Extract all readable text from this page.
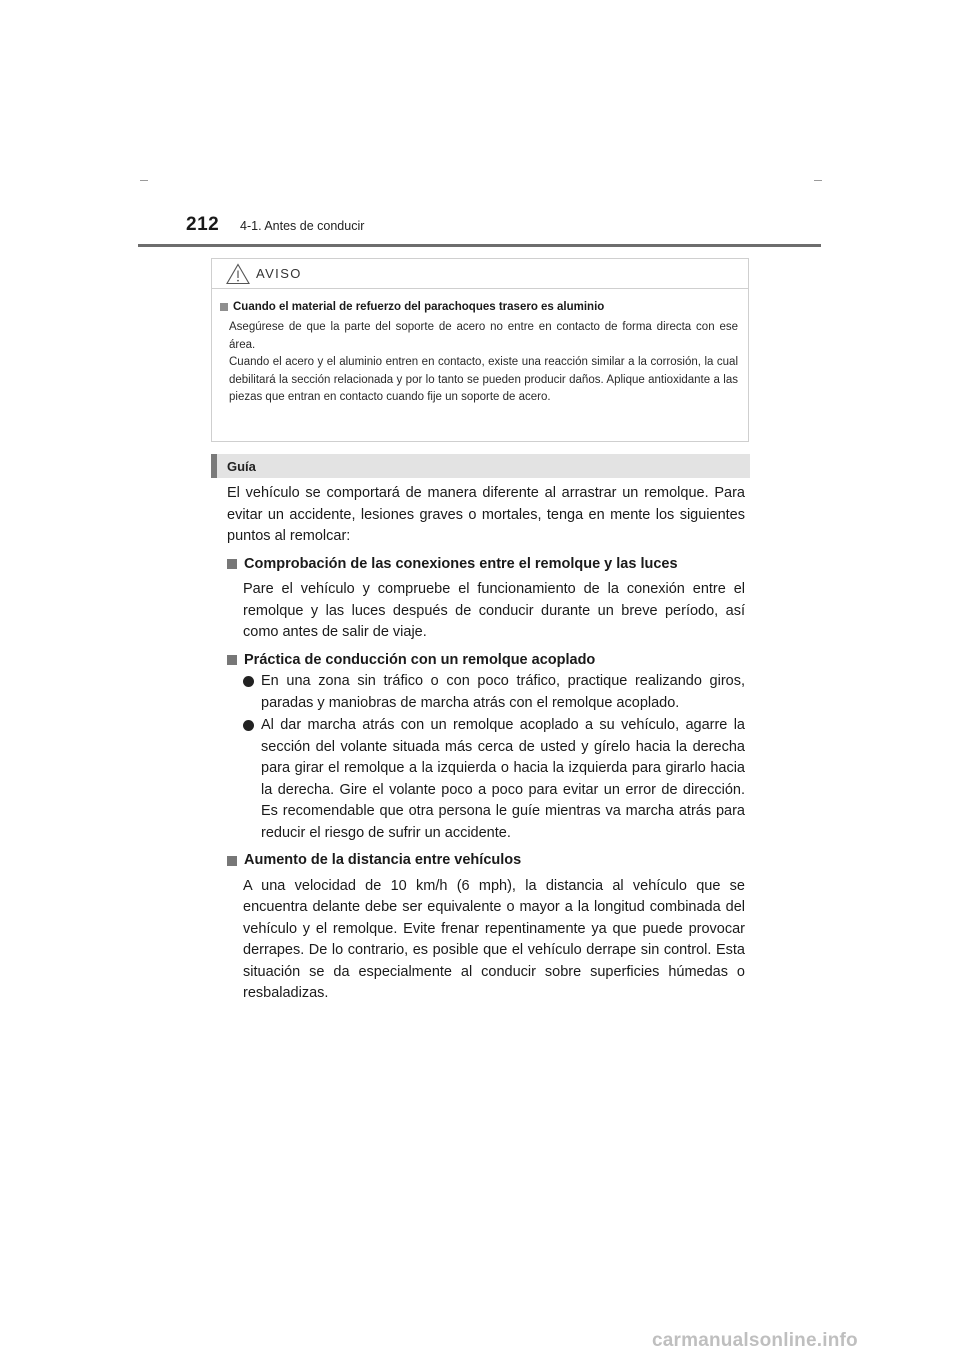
212	4-1. Antes de conducir
AVISO
Cuando el material de refuerzo del parachoques trasero es aluminio

Asegúrese de que la parte del soporte de acero no entre en contacto de forma directa con ese área.

Cuando el acero y el aluminio entren en contacto, existe una reacción similar a la corrosión, la cual debilitará la sección relacionada y por lo tanto se pueden producir daños. Aplique antioxidante a las piezas que entran en contacto cuando fije un soporte de acero.

Guía

El vehículo se comportará de manera diferente al arrastrar un remolque. Para evitar un accidente, lesiones graves o mortales, tenga en mente los siguientes puntos al remolcar:

Comprobación de las conexiones entre el remolque y las luces

Pare el vehículo y compruebe el funcionamiento de la conexión entre el remolque y las luces después de conducir durante un breve período, así como antes de salir de viaje.

Práctica de conducción con un remolque acoplado
En una zona sin tráfico o con poco tráfico, practique realizando giros, paradas y maniobras de marcha atrás con el remolque acoplado.
Al dar marcha atrás con un remolque acoplado a su vehículo, agarre la sección del volante situada más cerca de usted y gírelo hacia la derecha para girar el remolque a la izquierda o hacia la izquierda para girarlo hacia la derecha. Gire el volante poco a poco para evitar un error de dirección. Es recomendable que otra persona le guíe mientras va marcha atrás para reducir el riesgo de sufrir un accidente.
Aumento de la distancia entre vehículos

A una velocidad de 10 km/h (6 mph), la distancia al vehículo que se encuentra delante debe ser equivalente o mayor a la longitud combinada del vehículo y el remolque. Evite frenar repentinamente ya que puede provocar derrapes. De lo contrario, es posible que el vehículo derrape sin control. Esta situación se da especialmente al conducir sobre superficies húmedas o resbaladizas.

carmanualsonline.info
